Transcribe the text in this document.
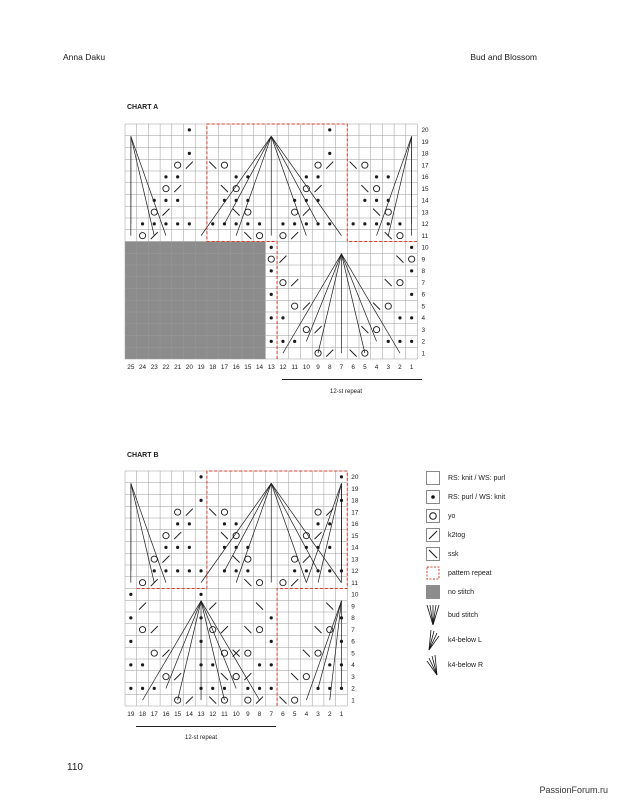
Anna Daku	Bud and Blossom
CHART A
1
2
3
4
5
6
7
8
9
10
11
12
13
14
15
16
17
18
19
20
25 24 23 22 21 20 19 18 17 16 15 14 13 12 11 10 9 8 7 6 5 4 3 2 1
12-st repeat
CHART B
1
2
3
4
5
6
7
8
9
10
11
12
13
14
15
16
17
18
19
20
19 18 17 16 15 14 13 12 11 10 9 8 7 6 5 4 3 2 1
12-st repeat
RS: knit / WS: purl
RS: purl / WS: knit
yo
k2tog
ssk
pattern repeat
no stitch
bud stitch
k4-below L
k4-below R
110
PassionForum.ru
